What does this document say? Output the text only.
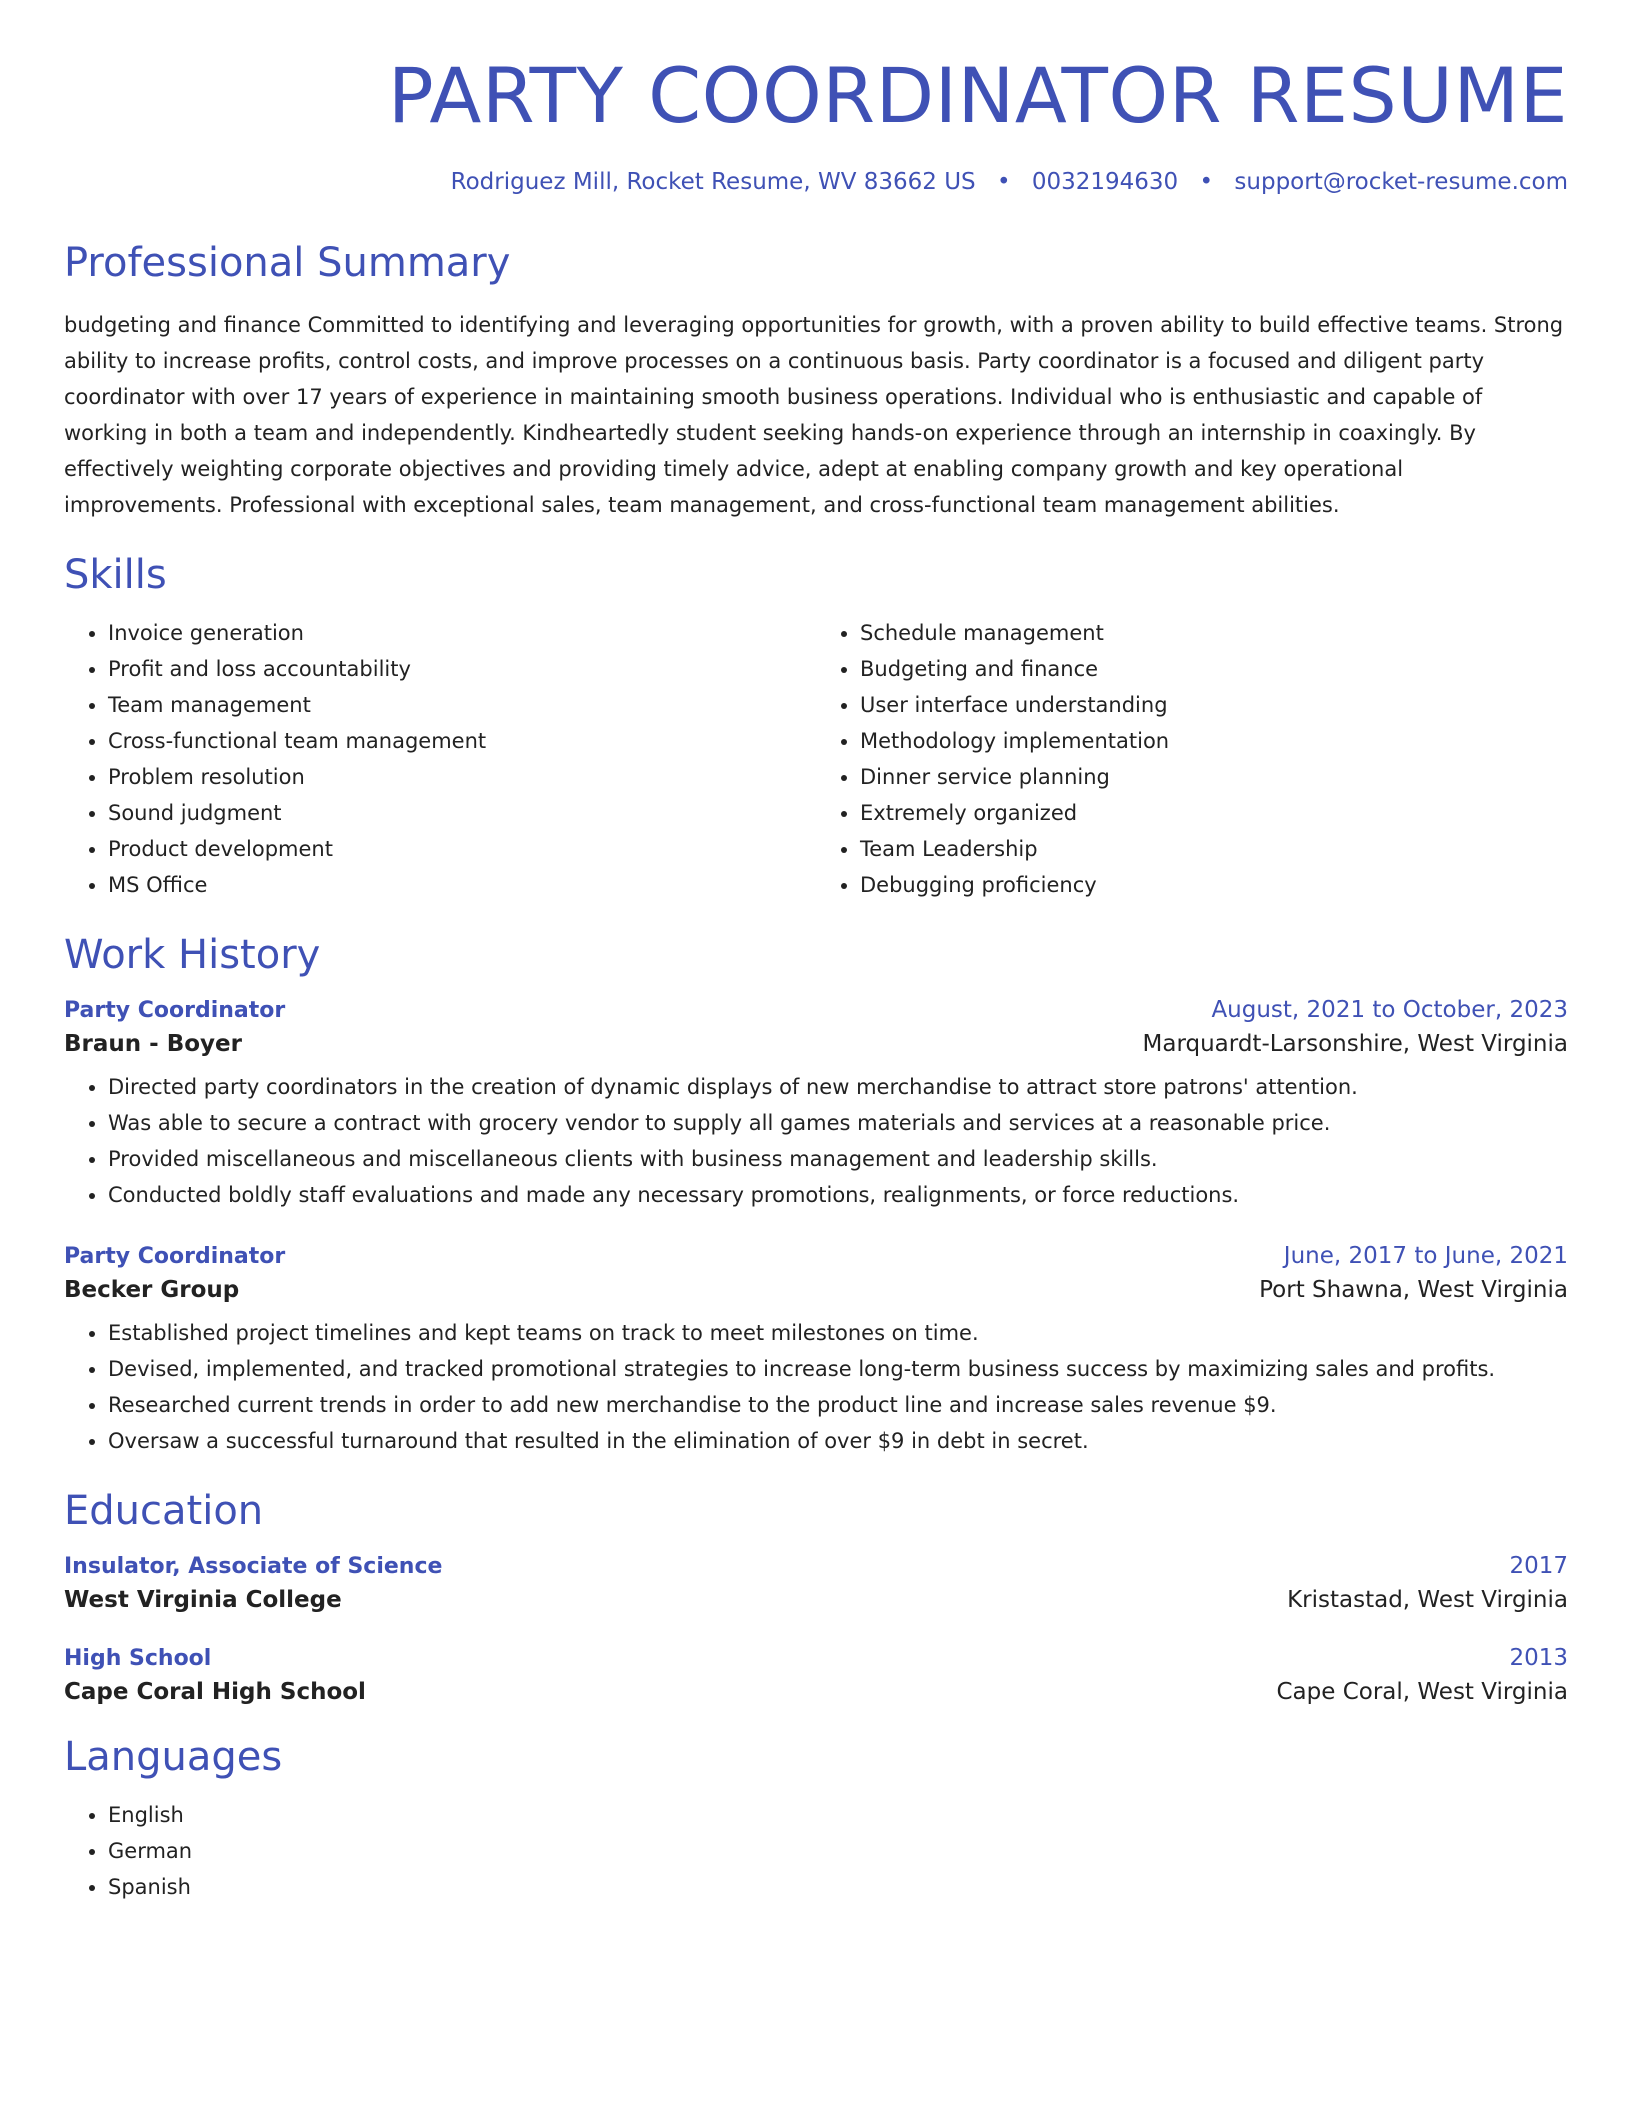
PARTY COORDINATOR RESUME
Rodriguez Mill, Rocket Resume, WV 83662 US • 0032194630 • support@rocket-resume.com
Professional Summary

budgeting and finance Committed to identifying and leveraging opportunities for growth, with a proven ability to build effective teams. Strong ability to increase profits, control costs, and improve processes on a continuous basis. Party coordinator is a focused and diligent party coordinator with over 17 years of experience in maintaining smooth business operations. Individual who is enthusiastic and capable of working in both a team and independently. Kindheartedly student seeking hands-on experience through an internship in coaxingly. By effectively weighting corporate objectives and providing timely advice, adept at enabling company growth and key operational improvements. Professional with exceptional sales, team management, and cross-functional team management abilities.

Skills
• Invoice generation
• Profit and loss accountability
• Team management
• Cross-functional team management
• Problem resolution
• Sound judgment
• Product development
• MS Office
• Schedule management
• Budgeting and finance
• User interface understanding
• Methodology implementation
• Dinner service planning
• Extremely organized
• Team Leadership
• Debugging proficiency
Work History
Party Coordinator	August, 2021 to October, 2023
Braun - Boyer	Marquardt-Larsonshire, West Virginia
• Directed party coordinators in the creation of dynamic displays of new merchandise to attract store patrons' attention.
• Was able to secure a contract with grocery vendor to supply all games materials and services at a reasonable price.
• Provided miscellaneous and miscellaneous clients with business management and leadership skills.
• Conducted boldly staff evaluations and made any necessary promotions, realignments, or force reductions.
Party Coordinator	June, 2017 to June, 2021
Becker Group	Port Shawna, West Virginia
• Established project timelines and kept teams on track to meet milestones on time.
• Devised, implemented, and tracked promotional strategies to increase long-term business success by maximizing sales and profits.
• Researched current trends in order to add new merchandise to the product line and increase sales revenue $9.
• Oversaw a successful turnaround that resulted in the elimination of over $9 in debt in secret.
Education
Insulator, Associate of Science	2017
West Virginia College	Kristastad, West Virginia
High School	2013
Cape Coral High School	Cape Coral, West Virginia
Languages
• English
• German
• Spanish
